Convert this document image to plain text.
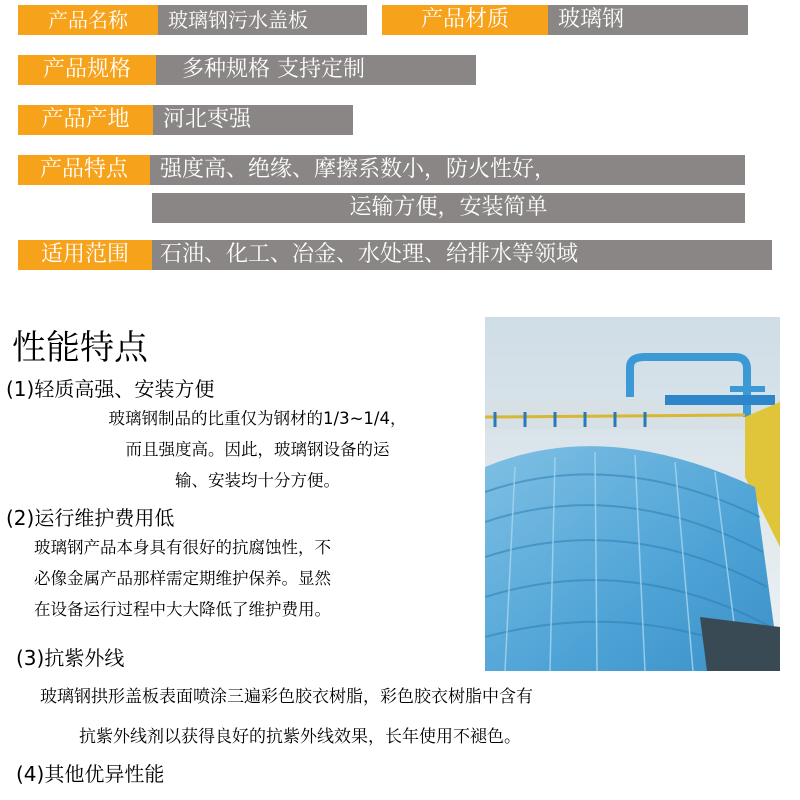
产品名称	玻璃钢污水盖板	产品材质	玻璃钢
产品规格	多种规格 支持定制
产品产地	河北枣强
产品特点	强度高、绝缘、摩擦系数小，防火性好，
运输方便，安装简单
适用范围	石油、化工、冶金、水处理、给排水等领域
性能特点
(1)轻质高强、安装方便
玻璃钢制品的比重仅为钢材的1/3~1/4，
而且强度高。因此，玻璃钢设备的运
输、安装均十分方便。
(2)运行维护费用低
玻璃钢产品本身具有很好的抗腐蚀性，不
必像金属产品那样需定期维护保养。显然
在设备运行过程中大大降低了维护费用。
(3)抗紫外线
玻璃钢拱形盖板表面喷涂三遍彩色胶衣树脂，彩色胶衣树脂中含有
抗紫外线剂以获得良好的抗紫外线效果，长年使用不褪色。
(4)其他优异性能
